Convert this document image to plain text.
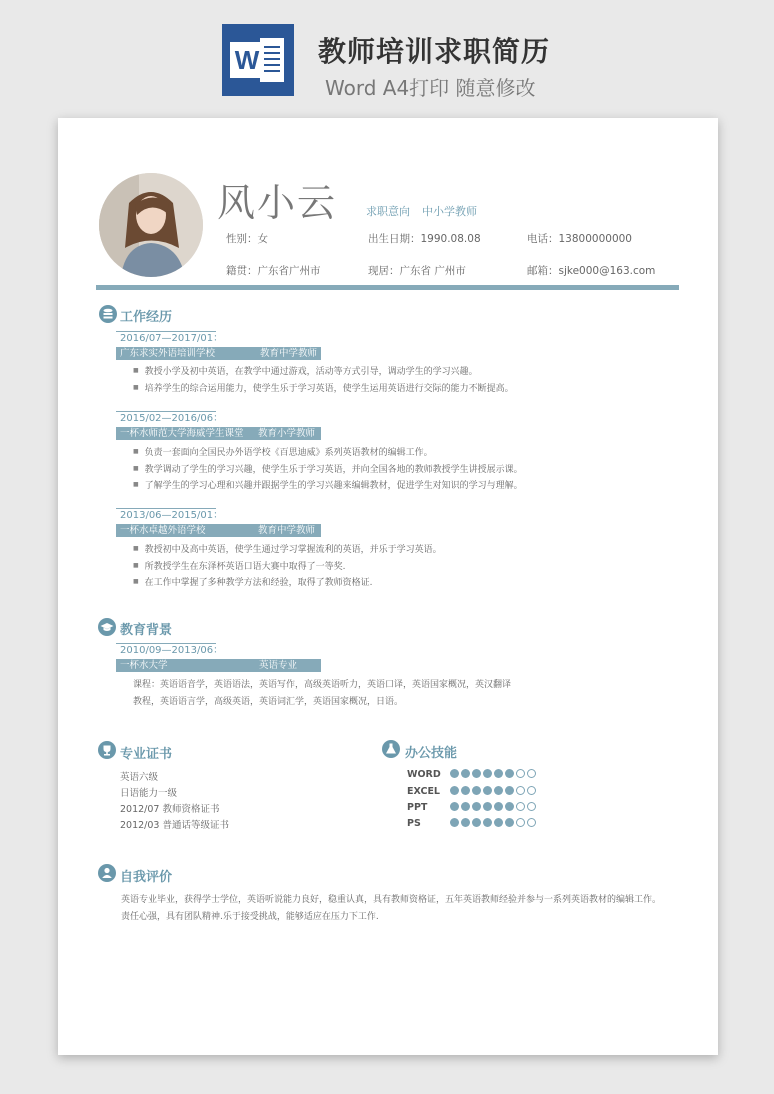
W 教师培训求职简历
Word A4打印 随意修改
风小云	求职意向 中小学教师
性别：女	出生日期：1990.08.08	电话：13800000000
籍贯：广东省广州市	现居：广东省 广州市	邮箱：sjke000@163.com
工作经历
2016/07—2017/01：
广东求实外语培训学校	教育中学教师
■ 教授小学及初中英语，在教学中通过游戏，活动等方式引导，调动学生的学习兴趣。
■ 培养学生的综合运用能力，使学生乐于学习英语，使学生运用英语进行交际的能力不断提高。
2015/02—2016/06：
一杯水师范大学海威学生课堂 教育小学教师
■ 负责一套面向全国民办外语学校《百思迪威》系列英语教材的编辑工作。
■ 教学调动了学生的学习兴趣，使学生乐于学习英语，并向全国各地的教师教授学生讲授展示课。
■ 了解学生的学习心理和兴趣并跟据学生的学习兴趣来编辑教材，促进学生对知识的学习与理解。
2013/06—2015/01：
一杯水卓越外语学校	教育中学教师
■ 教授初中及高中英语，使学生通过学习掌握流利的英语，并乐于学习英语。
■ 所教授学生在东泽杯英语口语大赛中取得了一等奖.
■ 在工作中掌握了多种教学方法和经验，取得了教师资格证.
教育背景
2010/09—2013/06：
一杯水大学	英语专业
课程：英语语音学，英语语法，英语写作，高级英语听力，英语口译，英语国家概况，英汉翻译
教程，英语语言学，高级英语，英语词汇学，英语国家概况，日语。
专业证书
英语六级
日语能力一级
2012/07 教师资格证书
2012/03 普通话等级证书
办公技能
WORD
EXCEL
PPT
PS
自我评价
英语专业毕业，获得学士学位，英语听说能力良好，稳重认真，具有教师资格证，五年英语教师经验并参与一系列英语教材的编辑工作。
责任心强，具有团队精神.乐于接受挑战，能够适应在压力下工作.
